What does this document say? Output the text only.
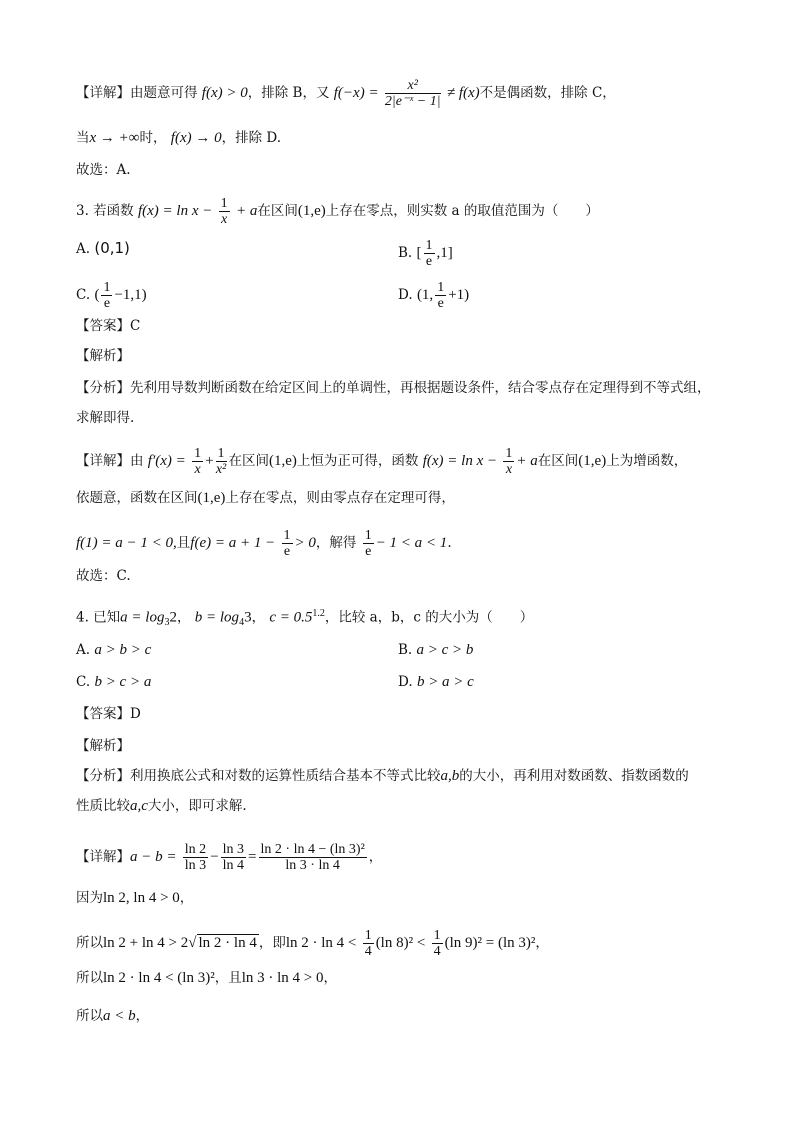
【详解】由题意可得 f(x) > 0，排除 B，又 $f(-x) = \frac{\text{x²}}{\text{2|e⁻ˣ − 1|}} \ne f(x)$不是偶函数，排除 C，
当x → +∞时， f(x) → 0，排除 D.
故选：A.
3. 若函数 $f(x) = \ln x - \frac{1}{x} + a$在区间(1,e)上存在零点，则实数 a 的取值范围为（　　）
A. (0,1)	B. [ $\frac{1}{e} ,1$]
C. ( $\frac{1}{e} -1,1$)	D. (1, $\frac{1}{e} +1$)
【答案】C
【解析】
【分析】先利用导数判断函数在给定区间上的单调性，再根据题设条件，结合零点存在定理得到不等式组，
求解即得.
【详解】由 $f'(x) = \frac{1}{x} + \frac{1}{\text{x²}}$ 在区间(1,e)上恒为正可得，函数 $f(x) = \ln x - \frac{1}{x} + a$在区间(1,e)上为增函数，
依题意，函数在区间(1,e)上存在零点，则由零点存在定理可得，
f(1) = a − 1 < 0,且$f(e) = a + 1 - \frac{1}{e} > 0$，解得 $\frac{1}{e} - 1 < a < 1$.
故选：C.
4. 已知$a = \log_32$， $b = \log_43$， $c = 0.5^{1.2}$，比较 a，b，c 的大小为（　　）
A. a > b > c	B. a > c > b
C. b > c > a	D. b > a > c
【答案】D
【解析】
【分析】利用换底公式和对数的运算性质结合基本不等式比较a,b的大小，再利用对数函数、指数函数的
性质比较a,c大小，即可求解.
【详解】$a - b = \frac{\ln 2}{\ln 3} - \frac{\ln 3}{\ln 4} = \frac{\text{ln 2 · ln 4 − (ln 3)²}}{\ln 3 \cdot \ln 4}$ ，
因为ln 2, ln 4 > 0，
所以ln 2 + ln 4 > 2√ ln 2 · ln 4 ，即$\ln 2 \cdot \ln 4 < \frac{1}{4} (\ln$ $8)^2 < \frac{1}{4} (\ln$ 9)² = (ln 3)²，
所以ln 2 · ln 4 < (ln 3)²，且ln 3 · ln 4 > 0，
所以a < b，
